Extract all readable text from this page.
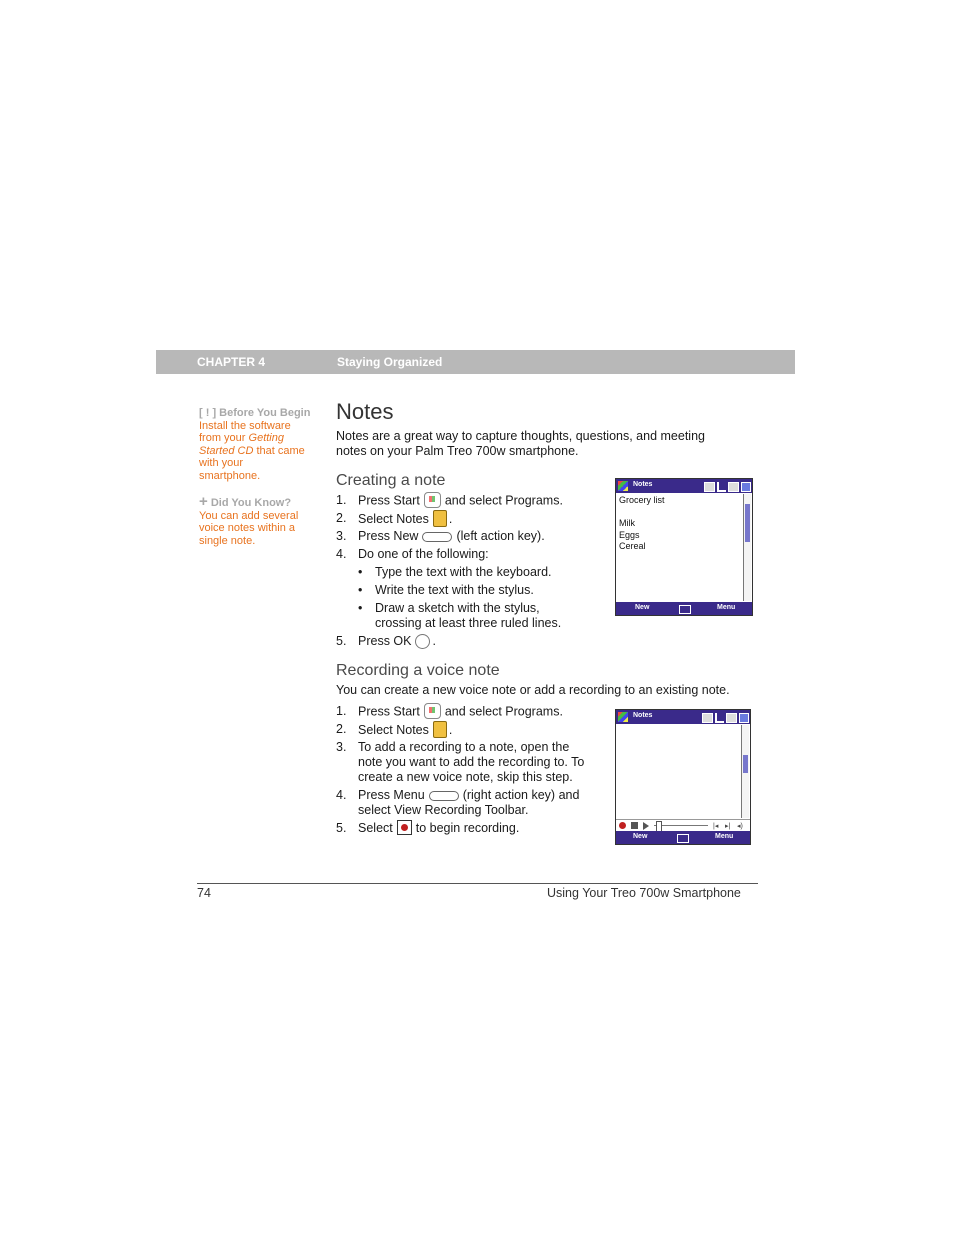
CHAPTER 4	Staying Organized
[ ! ] Before You Begin
Install the software
from your Getting
Started CD that came
with your
smartphone.
+ Did You Know?
You can add several
voice notes within a
single note.
Notes
Notes are a great way to capture thoughts, questions, and meeting
notes on your Palm Treo 700w smartphone.
Creating a note
1. Press Start and select Programs.
2. Select Notes .
3. Press New	(left action key).
4. Do one of the following:
• Type the text with the keyboard.
• Write the text with the stylus.
• Draw a sketch with the stylus,
crossing at least three ruled lines.
5. Press OK .
Notes
Grocery list
Milk
Eggs
Cereal
New	Menu
Recording a voice note
You can create a new voice note or add a recording to an existing note.
1. Press Start and select Programs.
2. Select Notes .
3. To add a recording to a note, open the
note you want to add the recording to. To
create a new voice note, skip this step.
4. Press Menu	(right action key) and
select View Recording Toolbar.
5. Select to begin recording.
Notes
|◂ ▸| ◂)
New	Menu
74	Using Your Treo 700w Smartphone
